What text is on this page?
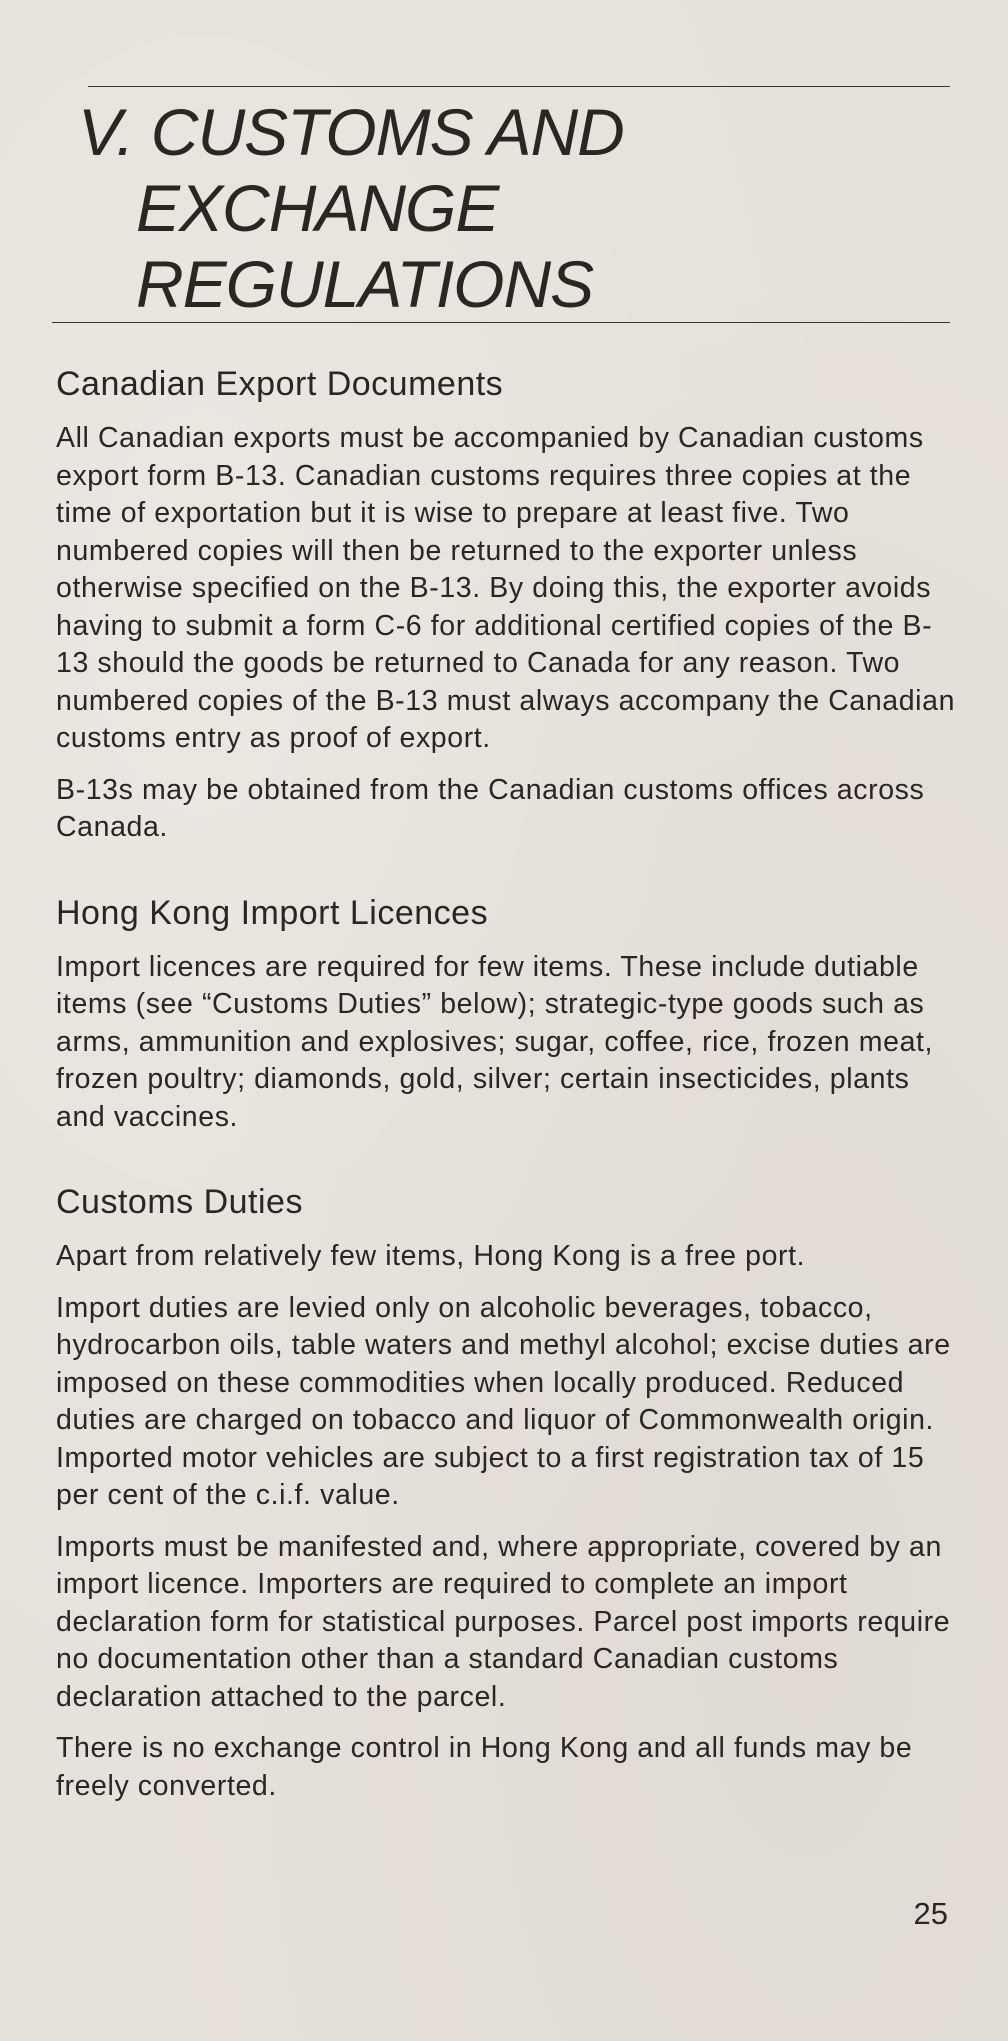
V. CUSTOMS AND
EXCHANGE
REGULATIONS
Canadian Export Documents

All Canadian exports must be accompanied by Canadian customs export form B-13. Canadian customs requires three copies at the time of exportation but it is wise to prepare at least five. Two numbered copies will then be returned to the exporter unless otherwise specified on the B-13. By doing this, the exporter avoids having to submit a form C-6 for additional certified copies of the B-13 should the goods be returned to Canada for any reason. Two numbered copies of the B-13 must always accompany the Canadian customs entry as proof of export.

B-13s may be obtained from the Canadian customs offices across Canada.

Hong Kong Import Licences

Import licences are required for few items. These include dutiable items (see “Customs Duties” below); strategic-type goods such as arms, ammunition and explosives; sugar, coffee, rice, frozen meat, frozen poultry; diamonds, gold, silver; certain insecticides, plants and vaccines.

Customs Duties

Apart from relatively few items, Hong Kong is a free port.

Import duties are levied only on alcoholic beverages, tobacco, hydrocarbon oils, table waters and methyl alcohol; excise duties are imposed on these commodities when locally produced. Reduced duties are charged on tobacco and liquor of Commonwealth origin. Imported motor vehicles are subject to a first registration tax of 15 per cent of the c.i.f. value.

Imports must be manifested and, where appropriate, covered by an import licence. Importers are required to complete an import declaration form for statistical purposes. Parcel post imports require no documentation other than a standard Canadian customs declaration attached to the parcel.

There is no exchange control in Hong Kong and all funds may be freely converted.

25
